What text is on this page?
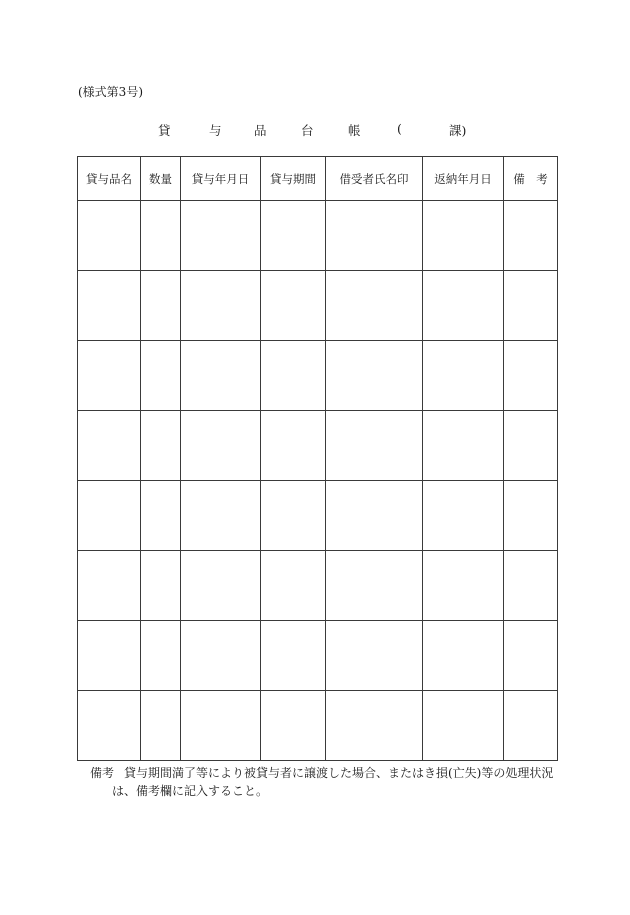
(様式第3号)
貸	与	品	台	帳	(	課)
貸与品名	数量	貸与年月日	貸与期間	借受者氏名印	返納年月日	備　考

備考 貸与期間満了等により被貸与者に譲渡した場合、またはき損(亡失)等の処理状況
は、備考欄に記入すること。
